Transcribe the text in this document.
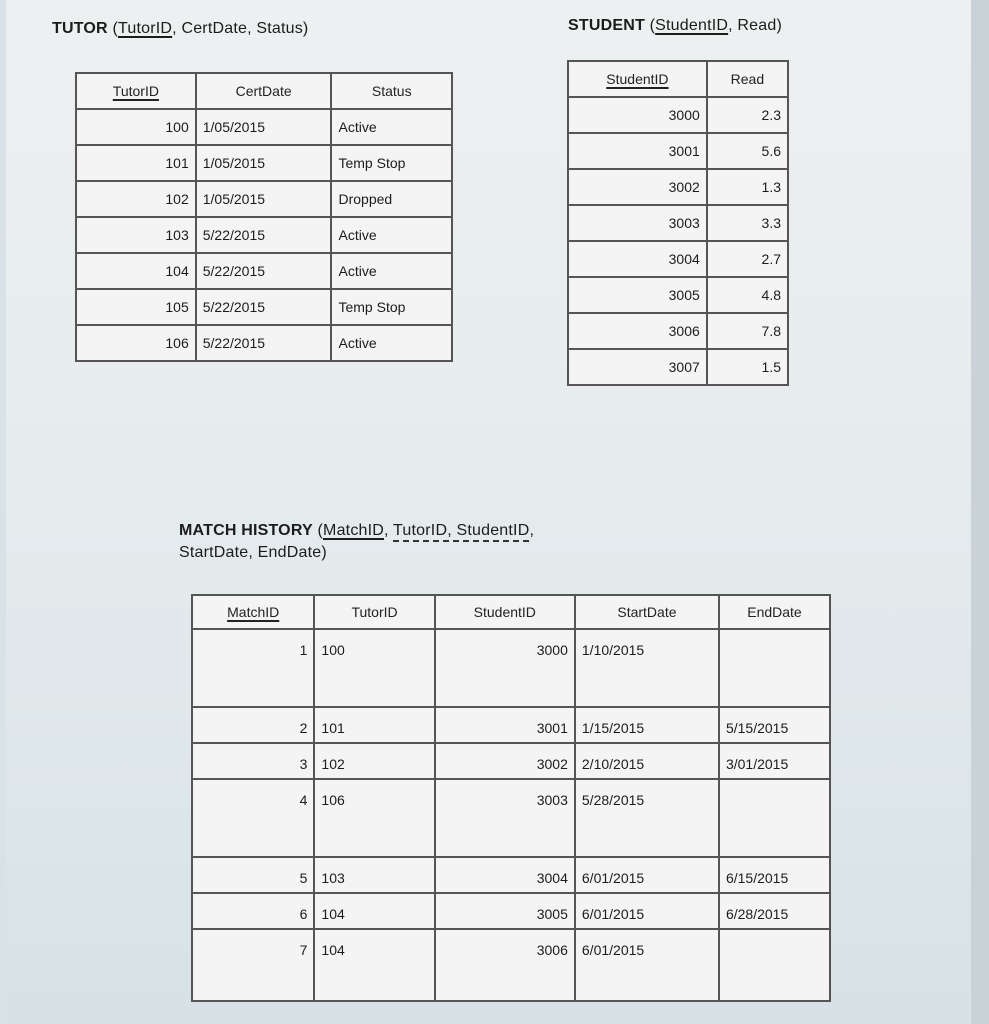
TUTOR (TutorID, CertDate, Status)
TutorID	CertDate	Status
100	1/05/2015	Active
101	1/05/2015	Temp Stop
102	1/05/2015	Dropped
103	5/22/2015	Active
104	5/22/2015	Active
105	5/22/2015	Temp Stop
106	5/22/2015	Active
STUDENT (StudentID, Read)
StudentID	Read
3000	2.3
3001	5.6
3002	1.3
3003	3.3
3004	2.7
3005	4.8
3006	7.8
3007	1.5
MATCH HISTORY (MatchID, TutorID, StudentID,
StartDate, EndDate)
MatchID	TutorID	StudentID	StartDate	EndDate
1	100	3000	1/10/2015	
2	101	3001	1/15/2015	5/15/2015
3	102	3002	2/10/2015	3/01/2015
4	106	3003	5/28/2015	
5	103	3004	6/01/2015	6/15/2015
6	104	3005	6/01/2015	6/28/2015
7	104	3006	6/01/2015	
